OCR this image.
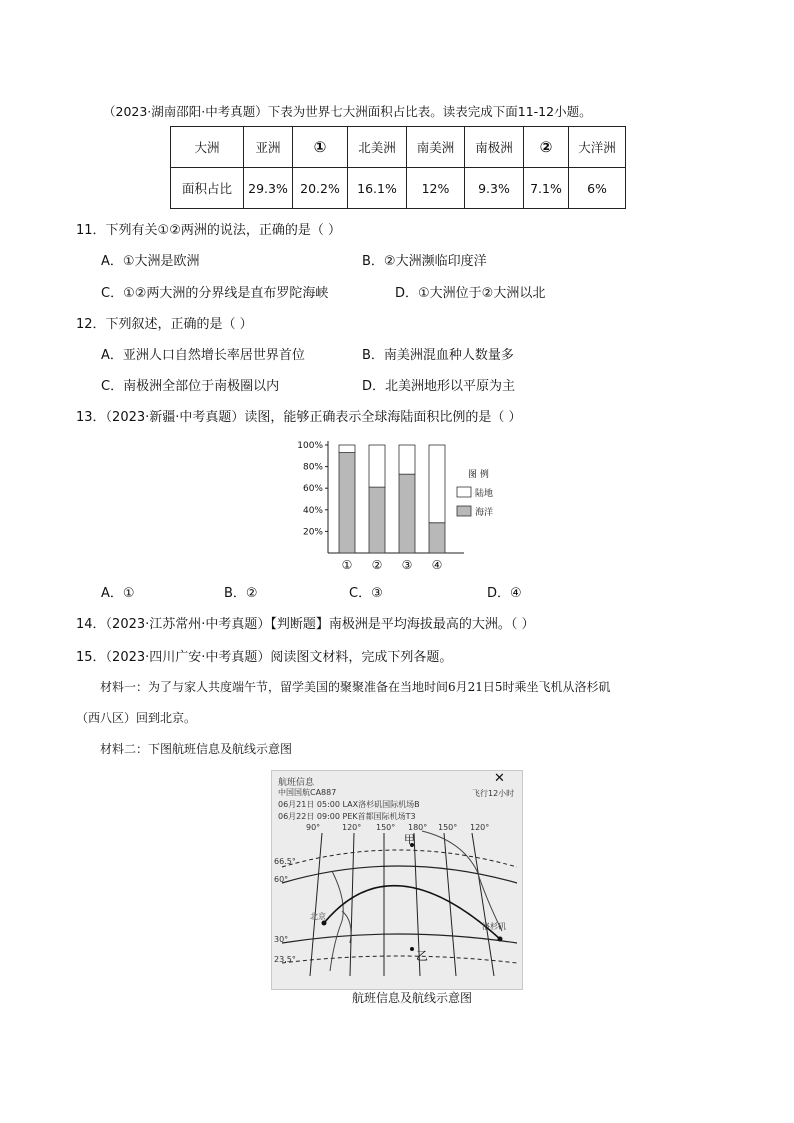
（2023·湖南邵阳·中考真题）下表为世界七大洲面积占比表。读表完成下面11-12小题。
大洲	亚洲	①	北美洲	南美洲	南极洲	②	大洋洲
面积占比	29.3%	20.2%	16.1%	12%	9.3%	7.1%	6%
11．下列有关①②两洲的说法，正确的是（ ）
A．①大洲是欧洲	B．②大洲濒临印度洋
C．①②两大洲的分界线是直布罗陀海峡	D．①大洲位于②大洲以北
12．下列叙述，正确的是（ ）
A．亚洲人口自然增长率居世界首位	B．南美洲混血种人数量多
C．南极洲全部位于南极圈以内	D．北美洲地形以平原为主
13．（2023·新疆·中考真题）读图，能够正确表示全球海陆面积比例的是（ ）
20%
40%
60%
80%
100%
① ② ③ ④
图 例
陆地
海洋
A．①	B．②	C．③	D．④
14．（2023·江苏常州·中考真题）【判断题】南极洲是平均海拔最高的大洲。（ ）
15．（2023·四川广安·中考真题）阅读图文材料，完成下列各题。
材料一：为了与家人共度端午节，留学美国的聚聚准备在当地时间6月21日5时乘坐飞机从洛杉矶
（西八区）回到北京。
材料二：下图航班信息及航线示意图
航班信息	✕
中国国航CA887	飞行12小时
06月21日 05:00 LAX洛杉矶国际机场B
06月22日 09:00 PEK首都国际机场T3
90°	120° 150° 180° 150° 120°
66.5°
60°
30°
23.5°
北京
洛杉矶
甲
乙
航班信息及航线示意图
